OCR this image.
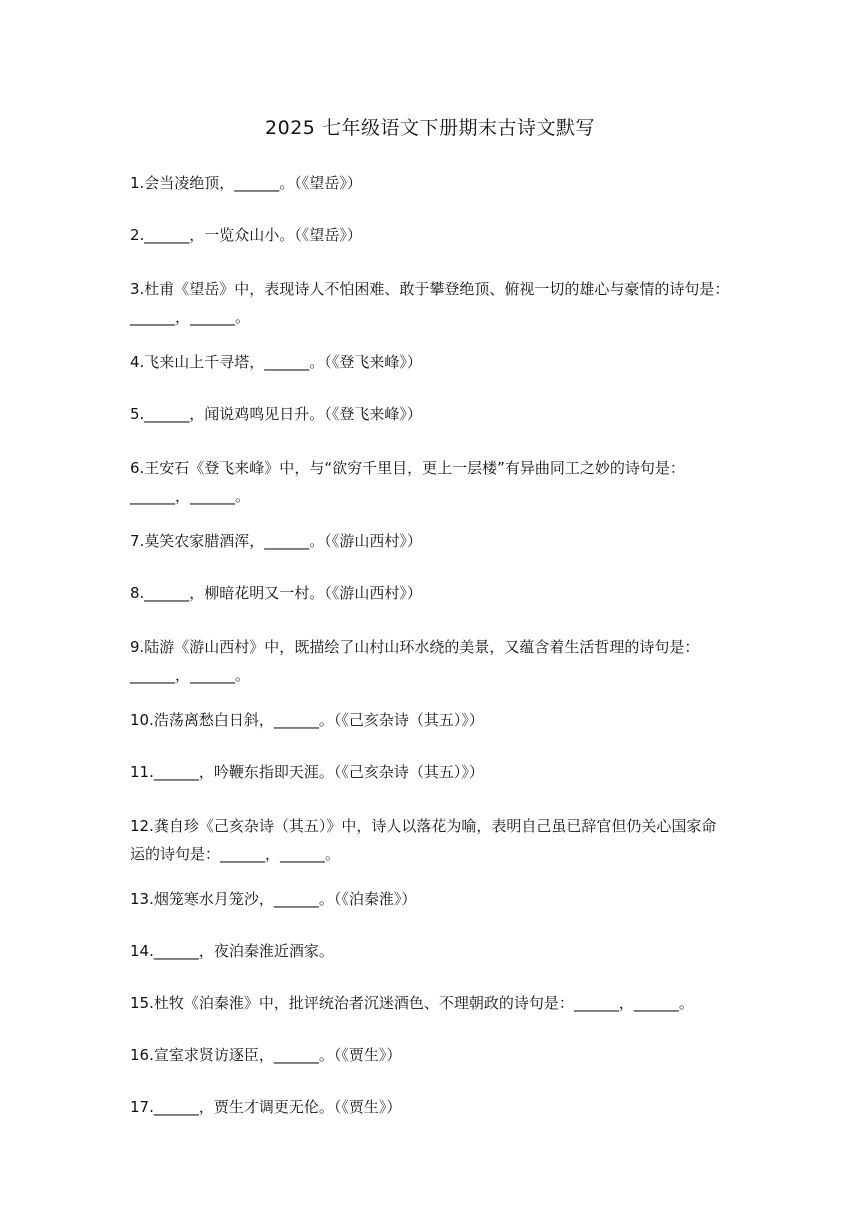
2025 七年级语文下册期末古诗文默写
1.会当凌绝顶，______。（《望岳》）
2.______，一览众山小。（《望岳》）
3.杜甫《望岳》中，表现诗人不怕困难、敢于攀登绝顶、俯视一切的雄心与豪情的诗句是：______，______。
4.飞来山上千寻塔，______。（《登飞来峰》）
5.______，闻说鸡鸣见日升。（《登飞来峰》）
6.王安石《登飞来峰》中，与“欲穷千里目，更上一层楼”有异曲同工之妙的诗句是：______，______。
7.莫笑农家腊酒浑，______。（《游山西村》）
8.______，柳暗花明又一村。（《游山西村》）
9.陆游《游山西村》中，既描绘了山村山环水绕的美景，又蕴含着生活哲理的诗句是：______，______。
10.浩荡离愁白日斜，______。（《己亥杂诗（其五）》）
11.______，吟鞭东指即天涯。（《己亥杂诗（其五）》）
12.龚自珍《己亥杂诗（其五）》中，诗人以落花为喻，表明自己虽已辞官但仍关心国家命运的诗句是：______，______。
13.烟笼寒水月笼沙，______。（《泊秦淮》）
14.______，夜泊秦淮近酒家。
15.杜牧《泊秦淮》中，批评统治者沉迷酒色、不理朝政的诗句是：______，______。
16.宣室求贤访逐臣，______。（《贾生》）
17.______，贾生才调更无伦。（《贾生》）
